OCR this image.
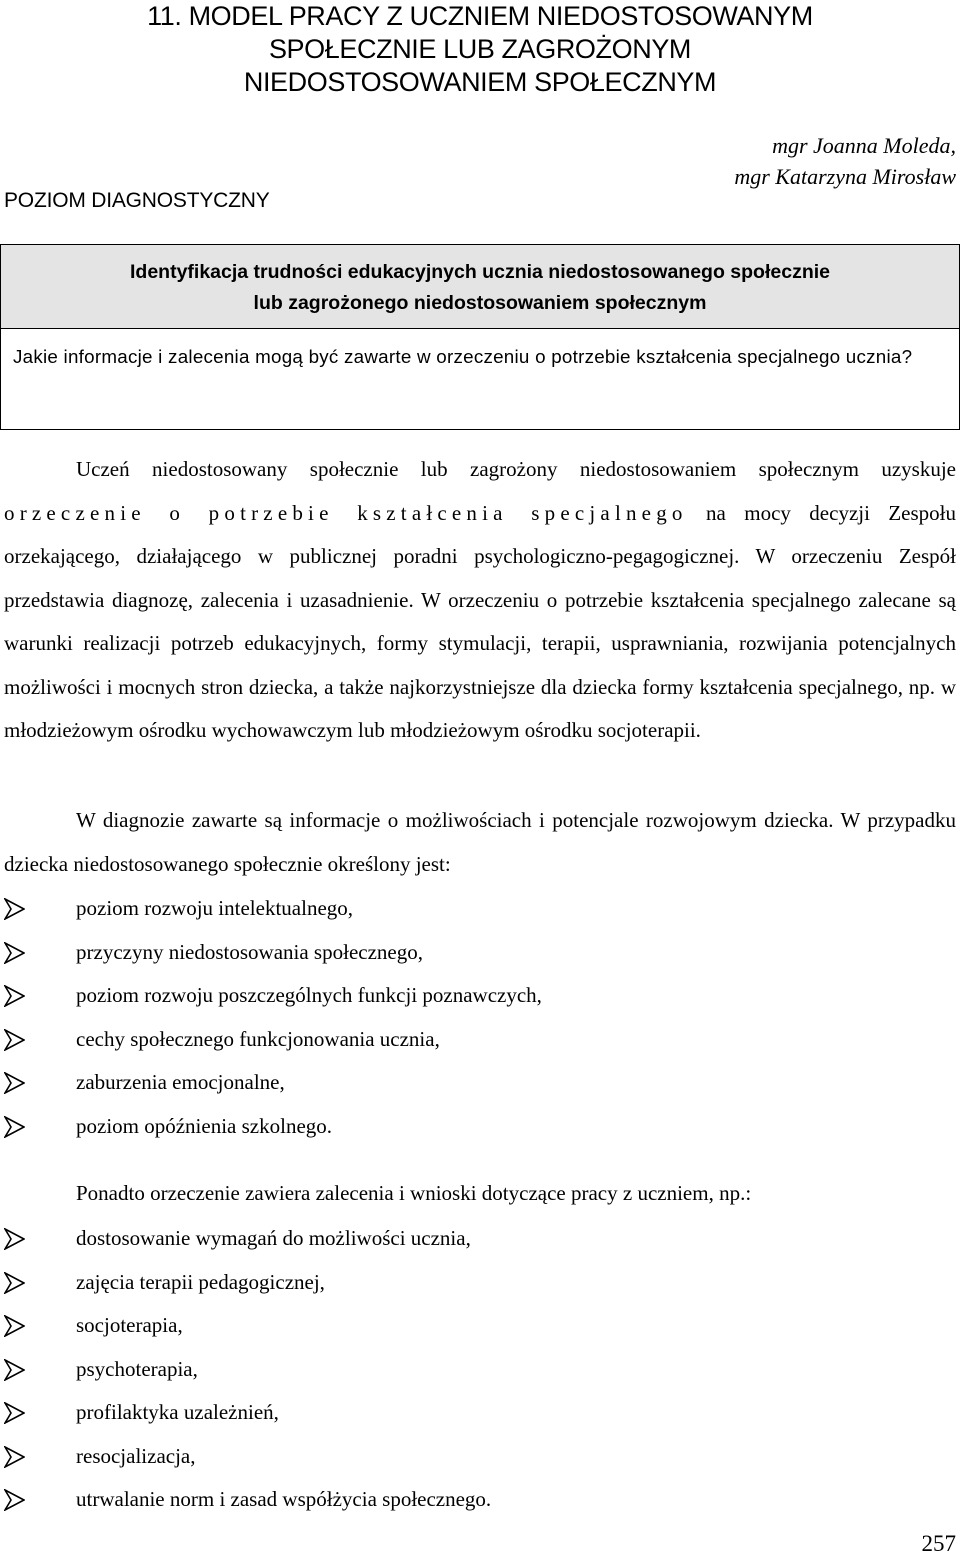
11. MODEL PRACY Z UCZNIEM NIEDOSTOSOWANYM
SPOŁECZNIE LUB ZAGROŻONYM
NIEDOSTOSOWANIEM SPOŁECZNYM
mgr Joanna Moleda,
mgr Katarzyna Mirosław
POZIOM DIAGNOSTYCZNY
Identyfikacja trudności edukacyjnych ucznia niedostosowanego społecznie
lub zagrożonego niedostosowaniem społecznym
Jakie informacje i zalecenia mogą być zawarte w orzeczeniu o potrzebie kształcenia specjalnego ucznia?
Uczeń niedostosowany społecznie lub zagrożony niedostosowaniem społecznym uzyskuje orzeczenie o potrzebie kształcenia specjalnego na mocy decyzji Zespołu orzekającego, działającego w publicznej poradni psychologiczno-pegagogicznej. W orzeczeniu Zespół przedstawia diagnozę, zalecenia i uzasadnienie. W orzeczeniu o potrzebie kształcenia specjalnego zalecane są warunki realizacji potrzeb edukacyjnych, formy stymulacji, terapii, usprawniania, rozwijania potencjalnych możliwości i mocnych stron dziecka, a także najkorzystniejsze dla dziecka formy kształcenia specjalnego, np. w młodzieżowym ośrodku wychowawczym lub młodzieżowym ośrodku socjoterapii.
W diagnozie zawarte są informacje o możliwościach i potencjale rozwojowym dziecka. W przypadku dziecka niedostosowanego społecznie określony jest:
poziom rozwoju intelektualnego,
przyczyny niedostosowania społecznego,
poziom rozwoju poszczególnych funkcji poznawczych,
cechy społecznego funkcjonowania ucznia,
zaburzenia emocjonalne,
poziom opóźnienia szkolnego.
Ponadto orzeczenie zawiera zalecenia i wnioski dotyczące pracy z uczniem, np.:
dostosowanie wymagań do możliwości ucznia,
zajęcia terapii pedagogicznej,
socjoterapia,
psychoterapia,
profilaktyka uzależnień,
resocjalizacja,
utrwalanie norm i zasad współżycia społecznego.
257
